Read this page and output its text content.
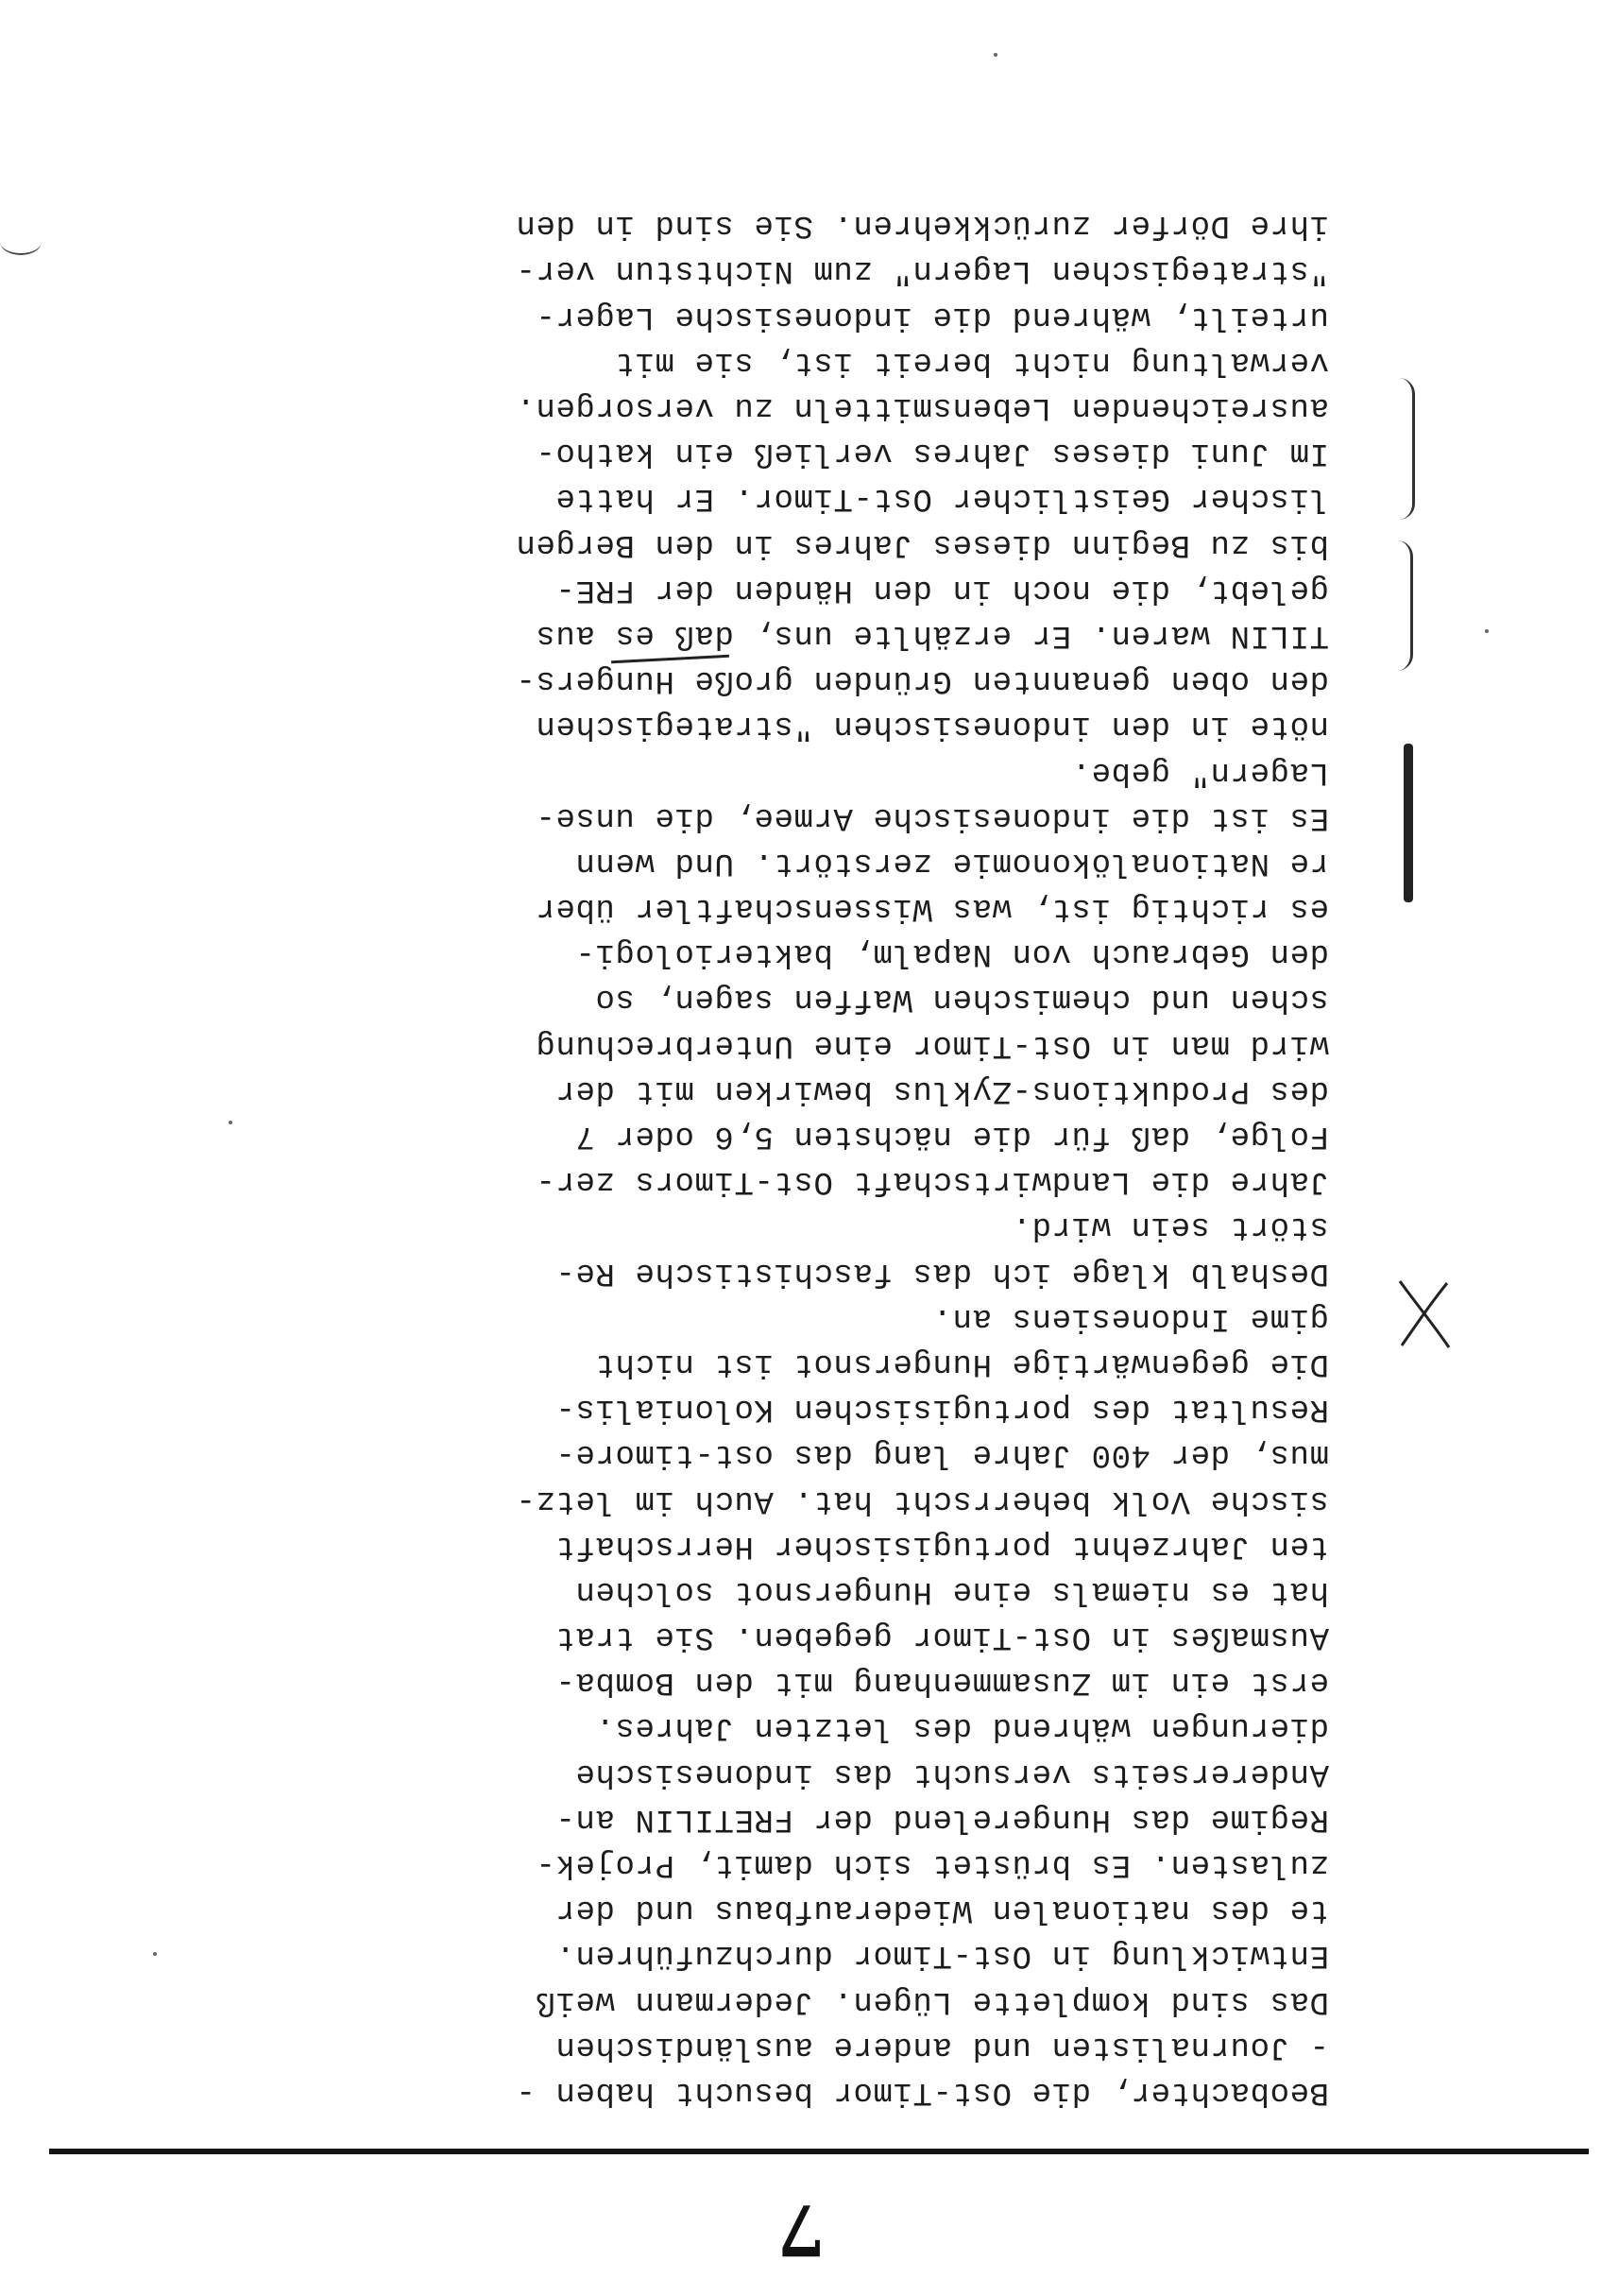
7
Beobachter, die Ost-Timor besucht haben -
- Journalisten und andere ausländischen
Das sind komplette Lügen. Jedermann weiß
Entwicklung in Ost-Timor durchzuführen.
te des nationalen Wiederaufbaus und der
zulasten. Es brüstet sich damit, Projek-
Regime das Hungerelend der FRETILIN an-
Andererseits versucht das indonesische
dierungen während des letzten Jahres.
erst ein im Zusammenhang mit den Bomba-
Ausmaßes in Ost-Timor gegeben. Sie trat
hat es niemals eine Hungersnot solchen
ten Jahrzehnt portugisischer Herrschaft
sische Volk beherrscht hat. Auch im letz-
mus, der 400 Jahre lang das ost-timore-
Resultat des portugisischen Kolonialis-
Die gegenwärtige Hungersnot ist nicht
gime Indonesiens an.
Deshalb klage ich das faschistische Re-
stört sein wird.
Jahre die Landwirtschaft Ost-Timors zer-
Folge, daß für die nächsten 5,6 oder 7
des Produktions-Zyklus bewirken mit der
wird man in Ost-Timor eine Unterbrechung
schen und chemischen Waffen sagen, so
den Gebrauch von Napalm, bakteriologi-
es richtig ist, was Wissenschaftler über
re Nationalökonomie zerstört. Und wenn
Es ist die indonesische Armee, die unse-
Lagern" gebe.
nöte in den indonesischen "strategischen
den oben genannten Gründen große Hungers-
TILIN waren. Er erzählte uns, daß es aus
gelebt, die noch in den Händen der FRE-
bis zu Beginn dieses Jahres in den Bergen
lischer Geistlicher Ost-Timor. Er hatte
Im Juni dieses Jahres verließ ein katho-
ausreichenden Lebensmitteln zu versorgen.
verwaltung nicht bereit ist, sie mit
urteilt, während die indonesische Lager-
"strategischen Lagern" zum Nichtstun ver-
ihre Dörfer zurückkehren. Sie sind in den
